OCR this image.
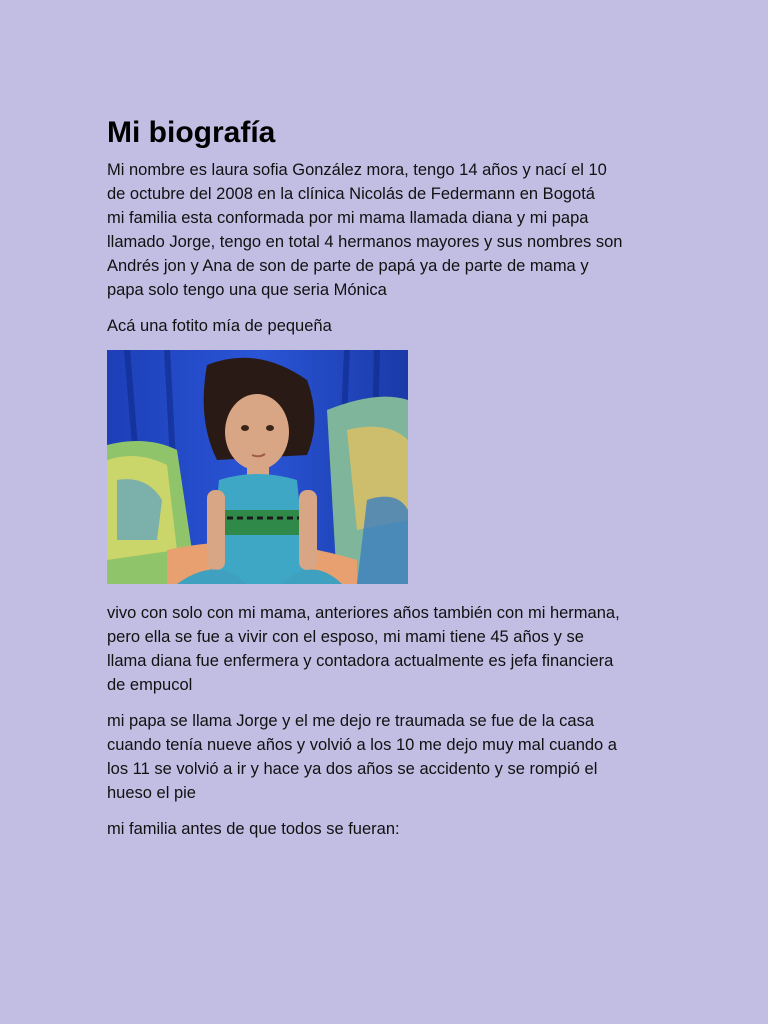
Mi biografía

Mi nombre es laura sofia González mora, tengo 14 años y nací el 10
de octubre del 2008 en la clínica Nicolás de Federmann en Bogotá
mi familia esta conformada por mi mama llamada diana y mi papa
llamado Jorge, tengo en total 4 hermanos mayores y sus nombres son
Andrés jon y Ana de son de parte de papá ya de parte de mama y
papa solo tengo una que seria Mónica

Acá una fotito mía de pequeña

vivo con solo con mi mama, anteriores años también con mi hermana,
pero ella se fue a vivir con el esposo, mi mami tiene 45 años y se
llama diana fue enfermera y contadora actualmente es jefa financiera
de empucol

mi papa se llama Jorge y el me dejo re traumada se fue de la casa
cuando tenía nueve años y volvió a los 10 me dejo muy mal cuando a
los 11 se volvió a ir y hace ya dos años se accidento y se rompió el
hueso el pie

mi familia antes de que todos se fueran:
